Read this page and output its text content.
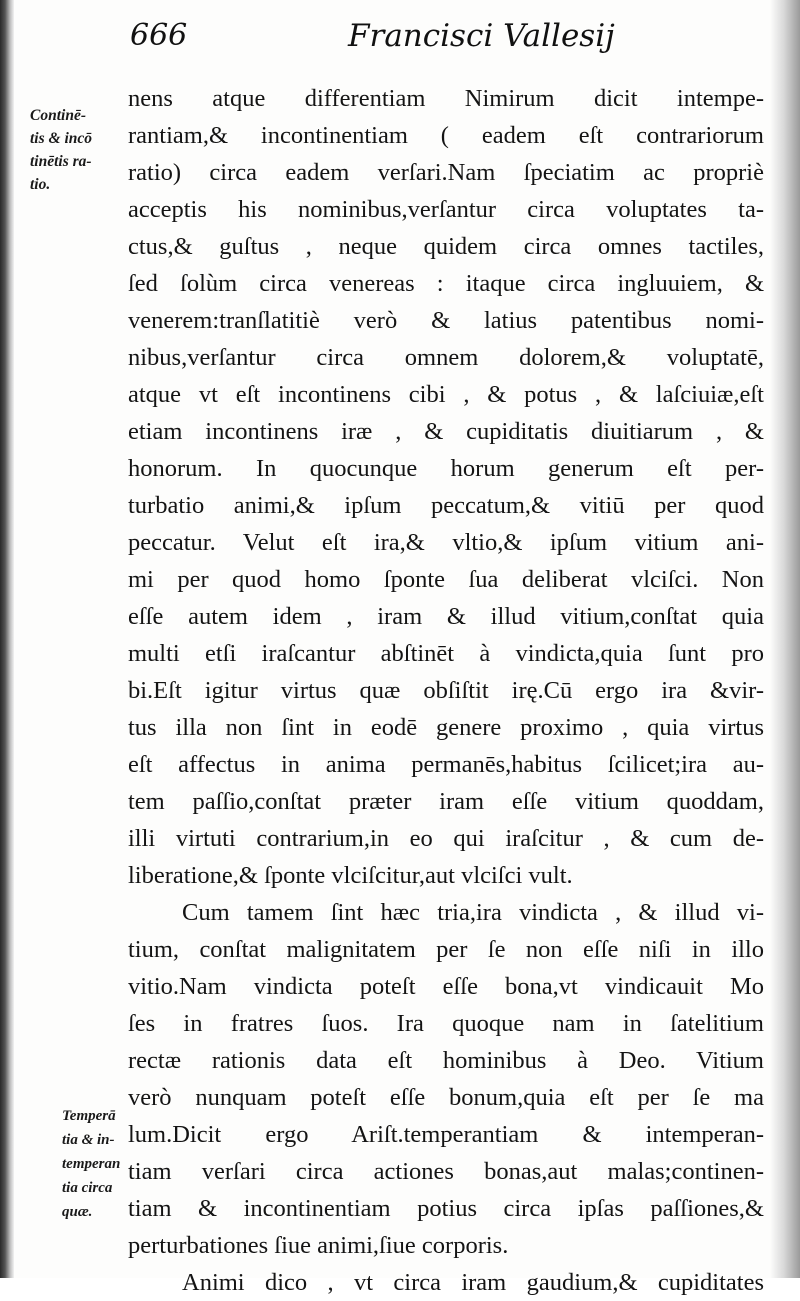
666	Francisci Vallesij
Continē-
tis & incō
tinētis ra-
tio.
Temperā
tia & in-
temperan
tia circa
quæ.
nens atque differentiam Nimirum dicit intempe-
rantiam,& incontinentiam ( eadem eſt contrariorum
ratio) circa eadem verſari.Nam ſpeciatim ac propriè
acceptis his nominibus,verſantur circa voluptates ta-
ctus,& guſtus , neque quidem circa omnes tactiles,
ſed ſolùm circa venereas : itaque circa ingluuiem, &
venerem:tranſlatitiè verò & latius patentibus nomi-
nibus,verſantur circa omnem dolorem,& voluptatē,
atque vt eſt incontinens cibi , & potus , & laſciuiæ,eſt
etiam incontinens iræ , & cupiditatis diuitiarum , &
honorum. In quocunque horum generum eſt per-
turbatio animi,& ipſum peccatum,& vitiū per quod
peccatur. Velut eſt ira,& vltio,& ipſum vitium ani-
mi per quod homo ſponte ſua deliberat vlciſci. Non
eſſe autem idem , iram & illud vitium,conſtat quia
multi etſi iraſcantur abſtinēt à vindicta,quia ſunt pro
bi.Eſt igitur virtus quæ obſiſtit irę.Cū ergo ira &vir-
tus illa non ſint in eodē genere proximo , quia virtus
eſt affectus in anima permanēs,habitus ſcilicet;ira au-
tem paſſio,conſtat præter iram eſſe vitium quoddam,
illi virtuti contrarium,in eo qui iraſcitur , & cum de-
liberatione,& ſponte vlciſcitur,aut vlciſci vult.
Cum tamem ſint hæc tria,ira vindicta , & illud vi-
tium, conſtat malignitatem per ſe non eſſe niſi in illo
vitio.Nam vindicta poteſt eſſe bona,vt vindicauit Mo
ſes in fratres ſuos. Ira quoque nam in ſatelitium
rectæ rationis data eſt hominibus à Deo. Vitium
verò nunquam poteſt eſſe bonum,quia eſt per ſe ma
lum.Dicit ergo Ariſt.temperantiam & intemperan-
tiam verſari circa actiones bonas,aut malas;continen-
tiam & incontinentiam potius circa ipſas paſſiones,&
perturbationes ſiue animi,ſiue corporis.
Animi dico , vt circa iram gaudium,& cupiditates
